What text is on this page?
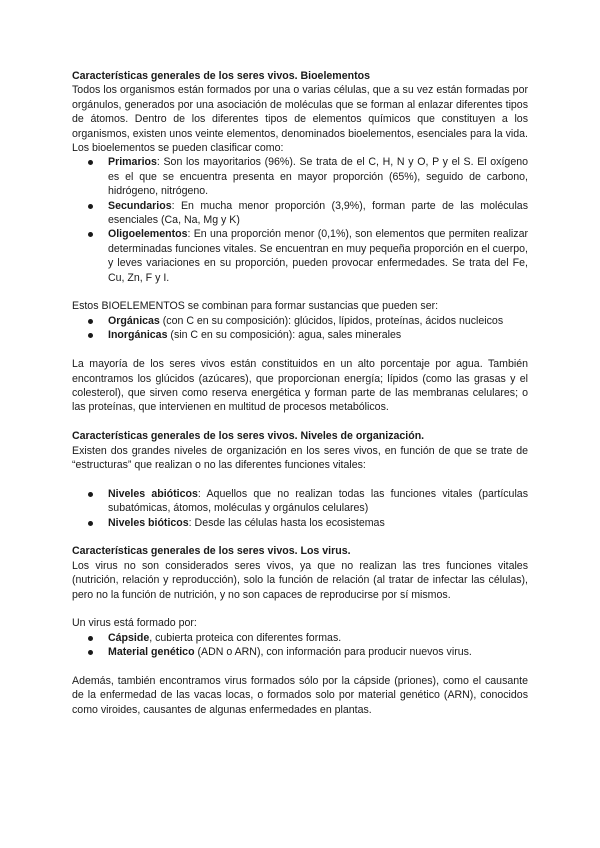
Características generales de los seres vivos. Bioelementos

Todos los organismos están formados por una o varias células, que a su vez están formadas por orgánulos, generados por una asociación de moléculas que se forman al enlazar diferentes tipos de átomos. Dentro de los diferentes tipos de elementos químicos que constituyen a los organismos, existen unos veinte elementos, denominados bioelementos, esenciales para la vida. Los bioelementos se pueden clasificar como:

Primarios: Son los mayoritarios (96%). Se trata de el C, H, N y O, P y el S. El oxígeno es el que se encuentra presenta en mayor proporción (65%), seguido de carbono, hidrógeno, nitrógeno.
Secundarios: En mucha menor proporción (3,9%), forman parte de las moléculas esenciales (Ca, Na, Mg y K)
Oligoelementos: En una proporción menor (0,1%), son elementos que permiten realizar determinadas funciones vitales. Se encuentran en muy pequeña proporción en el cuerpo, y leves variaciones en su proporción, pueden provocar enfermedades. Se trata del Fe, Cu, Zn, F y I.

Estos BIOELEMENTOS se combinan para formar sustancias que pueden ser:

Orgánicas (con C en su composición): glúcidos, lípidos, proteínas, ácidos nucleicos
Inorgánicas (sin C en su composición): agua, sales minerales

La mayoría de los seres vivos están constituidos en un alto porcentaje por agua. También encontramos los glúcidos (azúcares), que proporcionan energía; lípidos (como las grasas y el colesterol), que sirven como reserva energética y forman parte de las membranas celulares; o las proteínas, que intervienen en multitud de procesos metabólicos.

Características generales de los seres vivos. Niveles de organización.

Existen dos grandes niveles de organización en los seres vivos, en función de que se trate de “estructuras” que realizan o no las diferentes funciones vitales:

Niveles abióticos: Aquellos que no realizan todas las funciones vitales (partículas subatómicas, átomos, moléculas y orgánulos celulares)
Niveles bióticos: Desde las células hasta los ecosistemas
Características generales de los seres vivos. Los virus.

Los virus no son considerados seres vivos, ya que no realizan las tres funciones vitales (nutrición, relación y reproducción), solo la función de relación (al tratar de infectar las células), pero no la función de nutrición, y no son capaces de reproducirse por sí mismos.

Un virus está formado por:

Cápside, cubierta proteica con diferentes formas.
Material genético (ADN o ARN), con información para producir nuevos virus.

Además, también encontramos virus formados sólo por la cápside (priones), como el causante de la enfermedad de las vacas locas, o formados solo por material genético (ARN), conocidos como viroides, causantes de algunas enfermedades en plantas.
